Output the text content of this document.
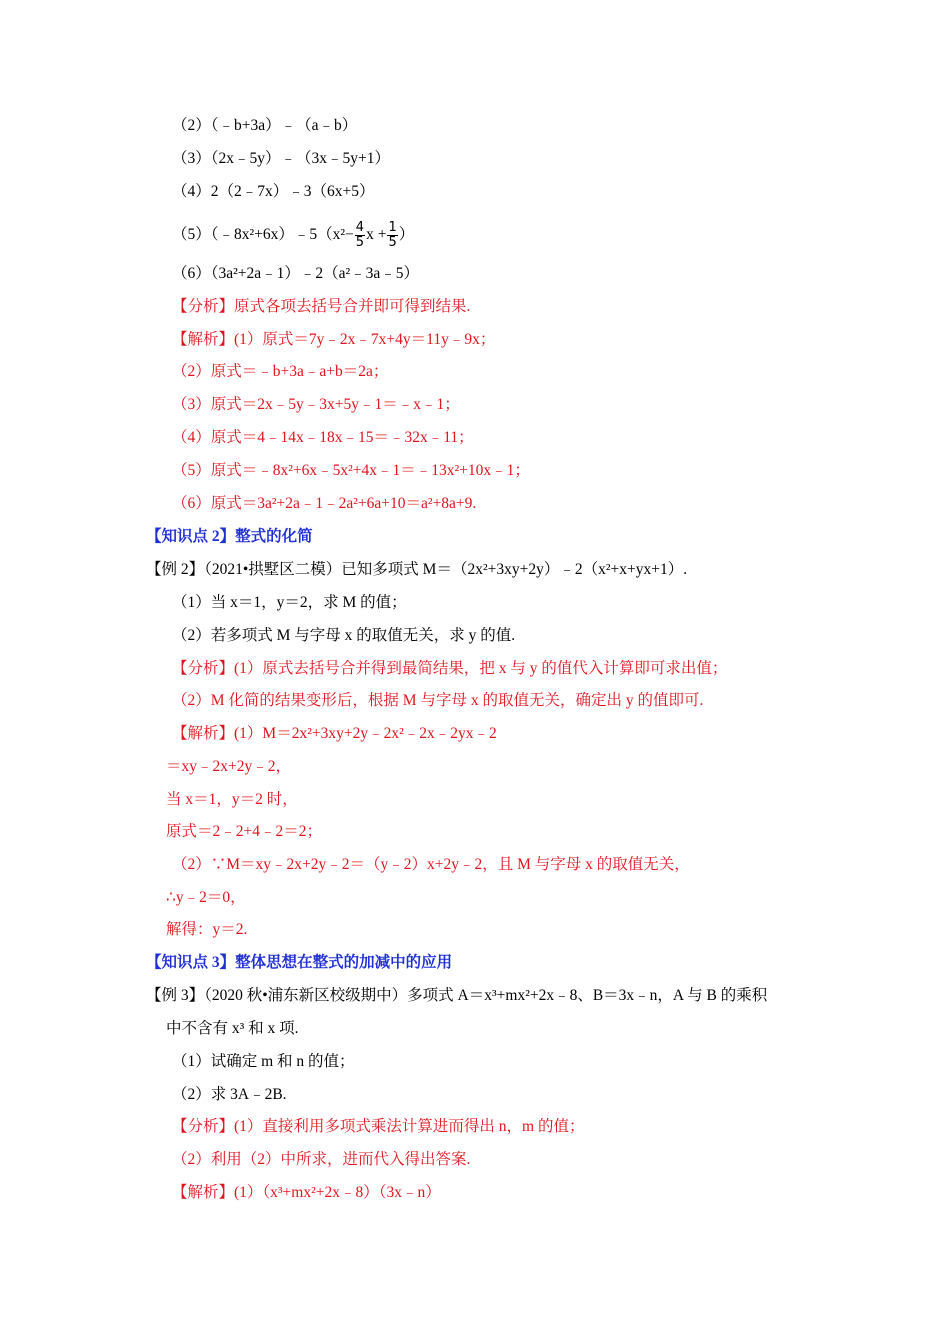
（2）（﹣b+3a）﹣（a﹣b）
（3）（2x﹣5y）﹣（3x﹣5y+1）
（4）2（2﹣7x）﹣3（6x+5）
（5）（﹣8x²+6x）﹣5（x²− $\frac{4}{5}$ $x + \frac{1}{5}$ ）
（6）（3a²+2a﹣1）﹣2（a²﹣3a﹣5）
【分析】原式各项去括号合并即可得到结果.
【解析】(1）原式＝7y﹣2x﹣7x+4y＝11y﹣9x；
（2）原式＝﹣b+3a﹣a+b＝2a；
（3）原式＝2x﹣5y﹣3x+5y﹣1＝﹣x﹣1；
（4）原式＝4﹣14x﹣18x﹣15＝﹣32x﹣11；
（5）原式＝﹣8x²+6x﹣5x²+4x﹣1＝﹣13x²+10x﹣1；
（6）原式＝3a²+2a﹣1﹣2a²+6a+10＝a²+8a+9.
【知识点 2】整式的化简
【例 2】（2021•拱墅区二模）已知多项式 M＝（2x²+3xy+2y）﹣2（x²+x+yx+1）.
（1）当 x＝1，y＝2，求 M 的值；
（2）若多项式 M 与字母 x 的取值无关，求 y 的值.
【分析】(1）原式去括号合并得到最简结果，把 x 与 y 的值代入计算即可求出值；
（2）M 化简的结果变形后，根据 M 与字母 x 的取值无关，确定出 y 的值即可.
【解析】(1）M＝2x²+3xy+2y﹣2x²﹣2x﹣2yx﹣2
＝xy﹣2x+2y﹣2，
当 x＝1，y＝2 时，
原式＝2﹣2+4﹣2＝2；
（2）∵M＝xy﹣2x+2y﹣2＝（y﹣2）x+2y﹣2，且 M 与字母 x 的取值无关，
∴y﹣2＝0，
解得：y＝2.
【知识点 3】整体思想在整式的加减中的应用
【例 3】（2020 秋•浦东新区校级期中）多项式 A＝x³+mx²+2x﹣8、B＝3x﹣n，A 与 B 的乘积
中不含有 x³ 和 x 项.
（1）试确定 m 和 n 的值；
（2）求 3A﹣2B.
【分析】(1）直接利用多项式乘法计算进而得出 n，m 的值；
（2）利用（2）中所求，进而代入得出答案.
【解析】(1）（x³+mx²+2x﹣8）（3x﹣n）
